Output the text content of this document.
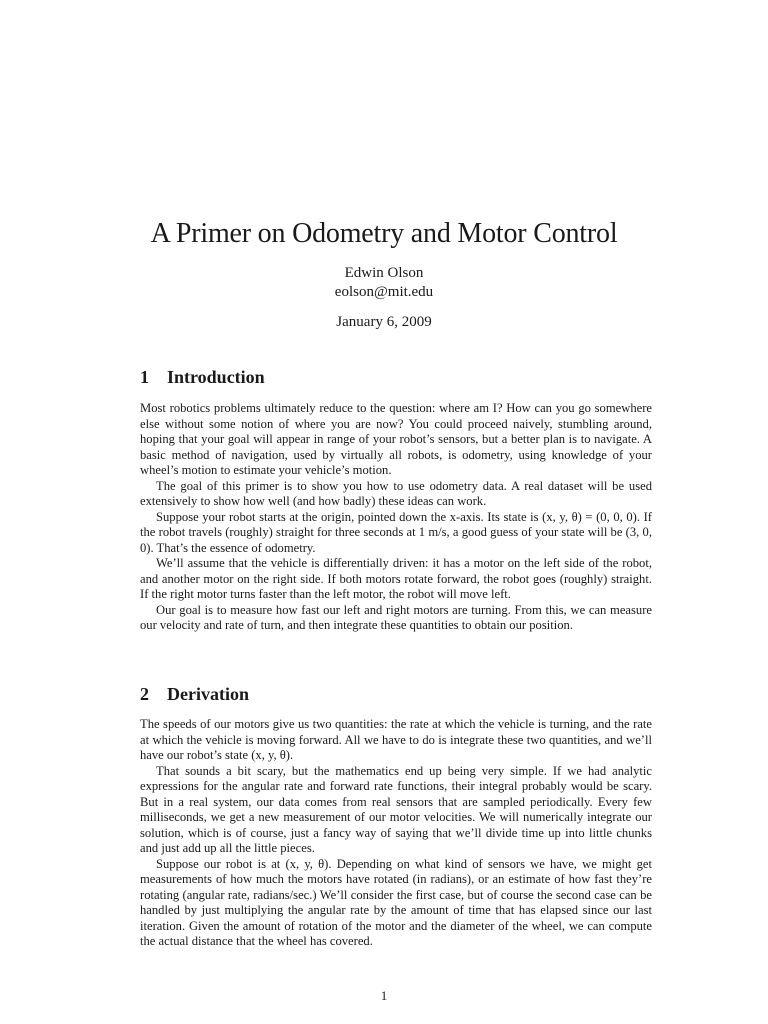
A Primer on Odometry and Motor Control
Edwin Olson
eolson@mit.edu
January 6, 2009
1 Introduction

Most robotics problems ultimately reduce to the question: where am I? How can you go somewhere else without some notion of where you are now? You could proceed naively, stumbling around, hoping that your goal will appear in range of your robot’s sensors, but a better plan is to navigate. A basic method of navigation, used by virtually all robots, is odometry, using knowledge of your wheel’s motion to estimate your vehicle’s motion.

The goal of this primer is to show you how to use odometry data. A real dataset will be used extensively to show how well (and how badly) these ideas can work.

Suppose your robot starts at the origin, pointed down the x-axis. Its state is (x, y, θ) = (0, 0, 0). If the robot travels (roughly) straight for three seconds at 1 m/s, a good guess of your state will be (3, 0, 0). That’s the essence of odometry.

We’ll assume that the vehicle is differentially driven: it has a motor on the left side of the robot, and another motor on the right side. If both motors rotate forward, the robot goes (roughly) straight. If the right motor turns faster than the left motor, the robot will move left.

Our goal is to measure how fast our left and right motors are turning. From this, we can measure our velocity and rate of turn, and then integrate these quantities to obtain our position.

2 Derivation

The speeds of our motors give us two quantities: the rate at which the vehicle is turning, and the rate at which the vehicle is moving forward. All we have to do is integrate these two quantities, and we’ll have our robot’s state (x, y, θ).

That sounds a bit scary, but the mathematics end up being very simple. If we had analytic expressions for the angular rate and forward rate functions, their integral probably would be scary. But in a real system, our data comes from real sensors that are sampled periodically. Every few milliseconds, we get a new measurement of our motor velocities. We will numerically integrate our solution, which is of course, just a fancy way of saying that we’ll divide time up into little chunks and just add up all the little pieces.

Suppose our robot is at (x, y, θ). Depending on what kind of sensors we have, we might get measurements of how much the motors have rotated (in radians), or an estimate of how fast they’re rotating (angular rate, radians/sec.) We’ll consider the first case, but of course the second case can be handled by just multiplying the angular rate by the amount of time that has elapsed since our last iteration. Given the amount of rotation of the motor and the diameter of the wheel, we can compute the actual distance that the wheel has covered.

1
